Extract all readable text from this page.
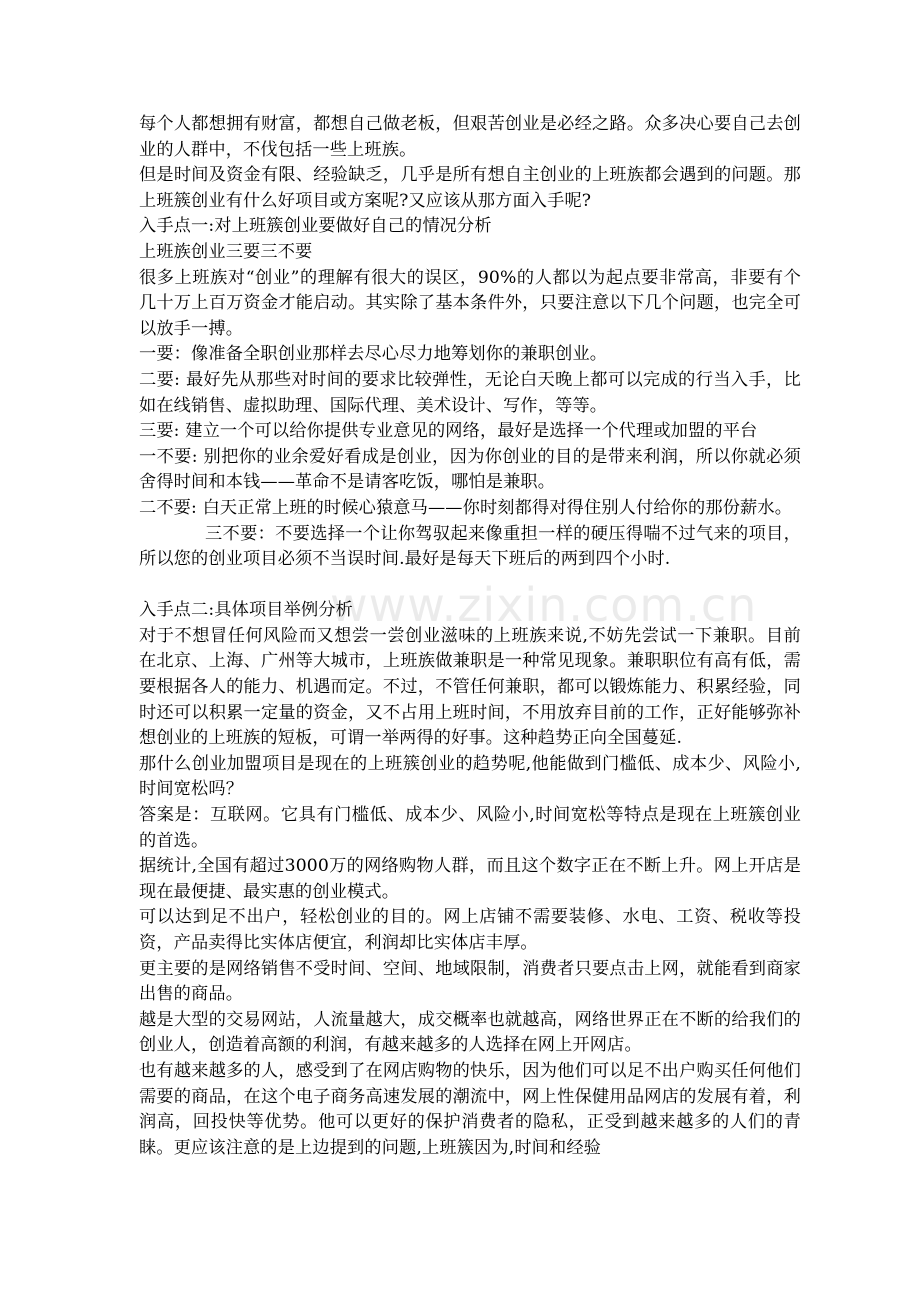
www.zixin.com.cn

每个人都想拥有财富，都想自己做老板，但艰苦创业是必经之路。众多决心要自己去创业的人群中，不伐包括一些上班族。

但是时间及资金有限、经验缺乏，几乎是所有想自主创业的上班族都会遇到的问题。那上班簇创业有什么好项目或方案呢?又应该从那方面入手呢?

入手点一:对上班簇创业要做好自己的情况分析

上班族创业三要三不要

很多上班族对“创业”的理解有很大的误区，90%的人都以为起点要非常高，非要有个几十万上百万资金才能启动。其实除了基本条件外，只要注意以下几个问题，也完全可以放手一搏。

一要：像准备全职创业那样去尽心尽力地筹划你的兼职创业。

二要: 最好先从那些对时间的要求比较弹性，无论白天晚上都可以完成的行当入手，比如在线销售、虚拟助理、国际代理、美术设计、写作，等等。

三要: 建立一个可以给你提供专业意见的网络，最好是选择一个代理或加盟的平台

一不要: 别把你的业余爱好看成是创业，因为你创业的目的是带来利润，所以你就必须舍得时间和本钱——革命不是请客吃饭，哪怕是兼职。

二不要: 白天正常上班的时候心猿意马——你时刻都得对得住别人付给你的那份薪水。

三不要：不要选择一个让你驾驭起来像重担一样的硬压得喘不过气来的项目，所以您的创业项目必须不当误时间.最好是每天下班后的两到四个小时.

入手点二:具体项目举例分析

对于不想冒任何风险而又想尝一尝创业滋味的上班族来说,不妨先尝试一下兼职。目前在北京、上海、广州等大城市，上班族做兼职是一种常见现象。兼职职位有高有低，需要根据各人的能力、机遇而定。不过，不管任何兼职，都可以锻炼能力、积累经验，同时还可以积累一定量的资金，又不占用上班时间，不用放弃目前的工作，正好能够弥补想创业的上班族的短板，可谓一举两得的好事。这种趋势正向全国蔓延.

那什么创业加盟项目是现在的上班簇创业的趋势呢,他能做到门槛低、成本少、风险小,时间宽松吗？

答案是：互联网。它具有门槛低、成本少、风险小,时间宽松等特点是现在上班簇创业的首选。

据统计,全国有超过3000万的网络购物人群，而且这个数字正在不断上升。网上开店是现在最便捷、最实惠的创业模式。

可以达到足不出户，轻松创业的目的。网上店铺不需要装修、水电、工资、税收等投资，产品卖得比实体店便宜，利润却比实体店丰厚。

更主要的是网络销售不受时间、空间、地域限制，消费者只要点击上网，就能看到商家出售的商品。

越是大型的交易网站，人流量越大，成交概率也就越高，网络世界正在不断的给我们的创业人，创造着高额的利润，有越来越多的人选择在网上开网店。

也有越来越多的人，感受到了在网店购物的快乐，因为他们可以足不出户购买任何他们需要的商品，在这个电子商务高速发展的潮流中，网上性保健用品网店的发展有着，利润高，回投快等优势。他可以更好的保护消费者的隐私，正受到越来越多的人们的青睐。更应该注意的是上边提到的问题,上班簇因为,时间和经验
